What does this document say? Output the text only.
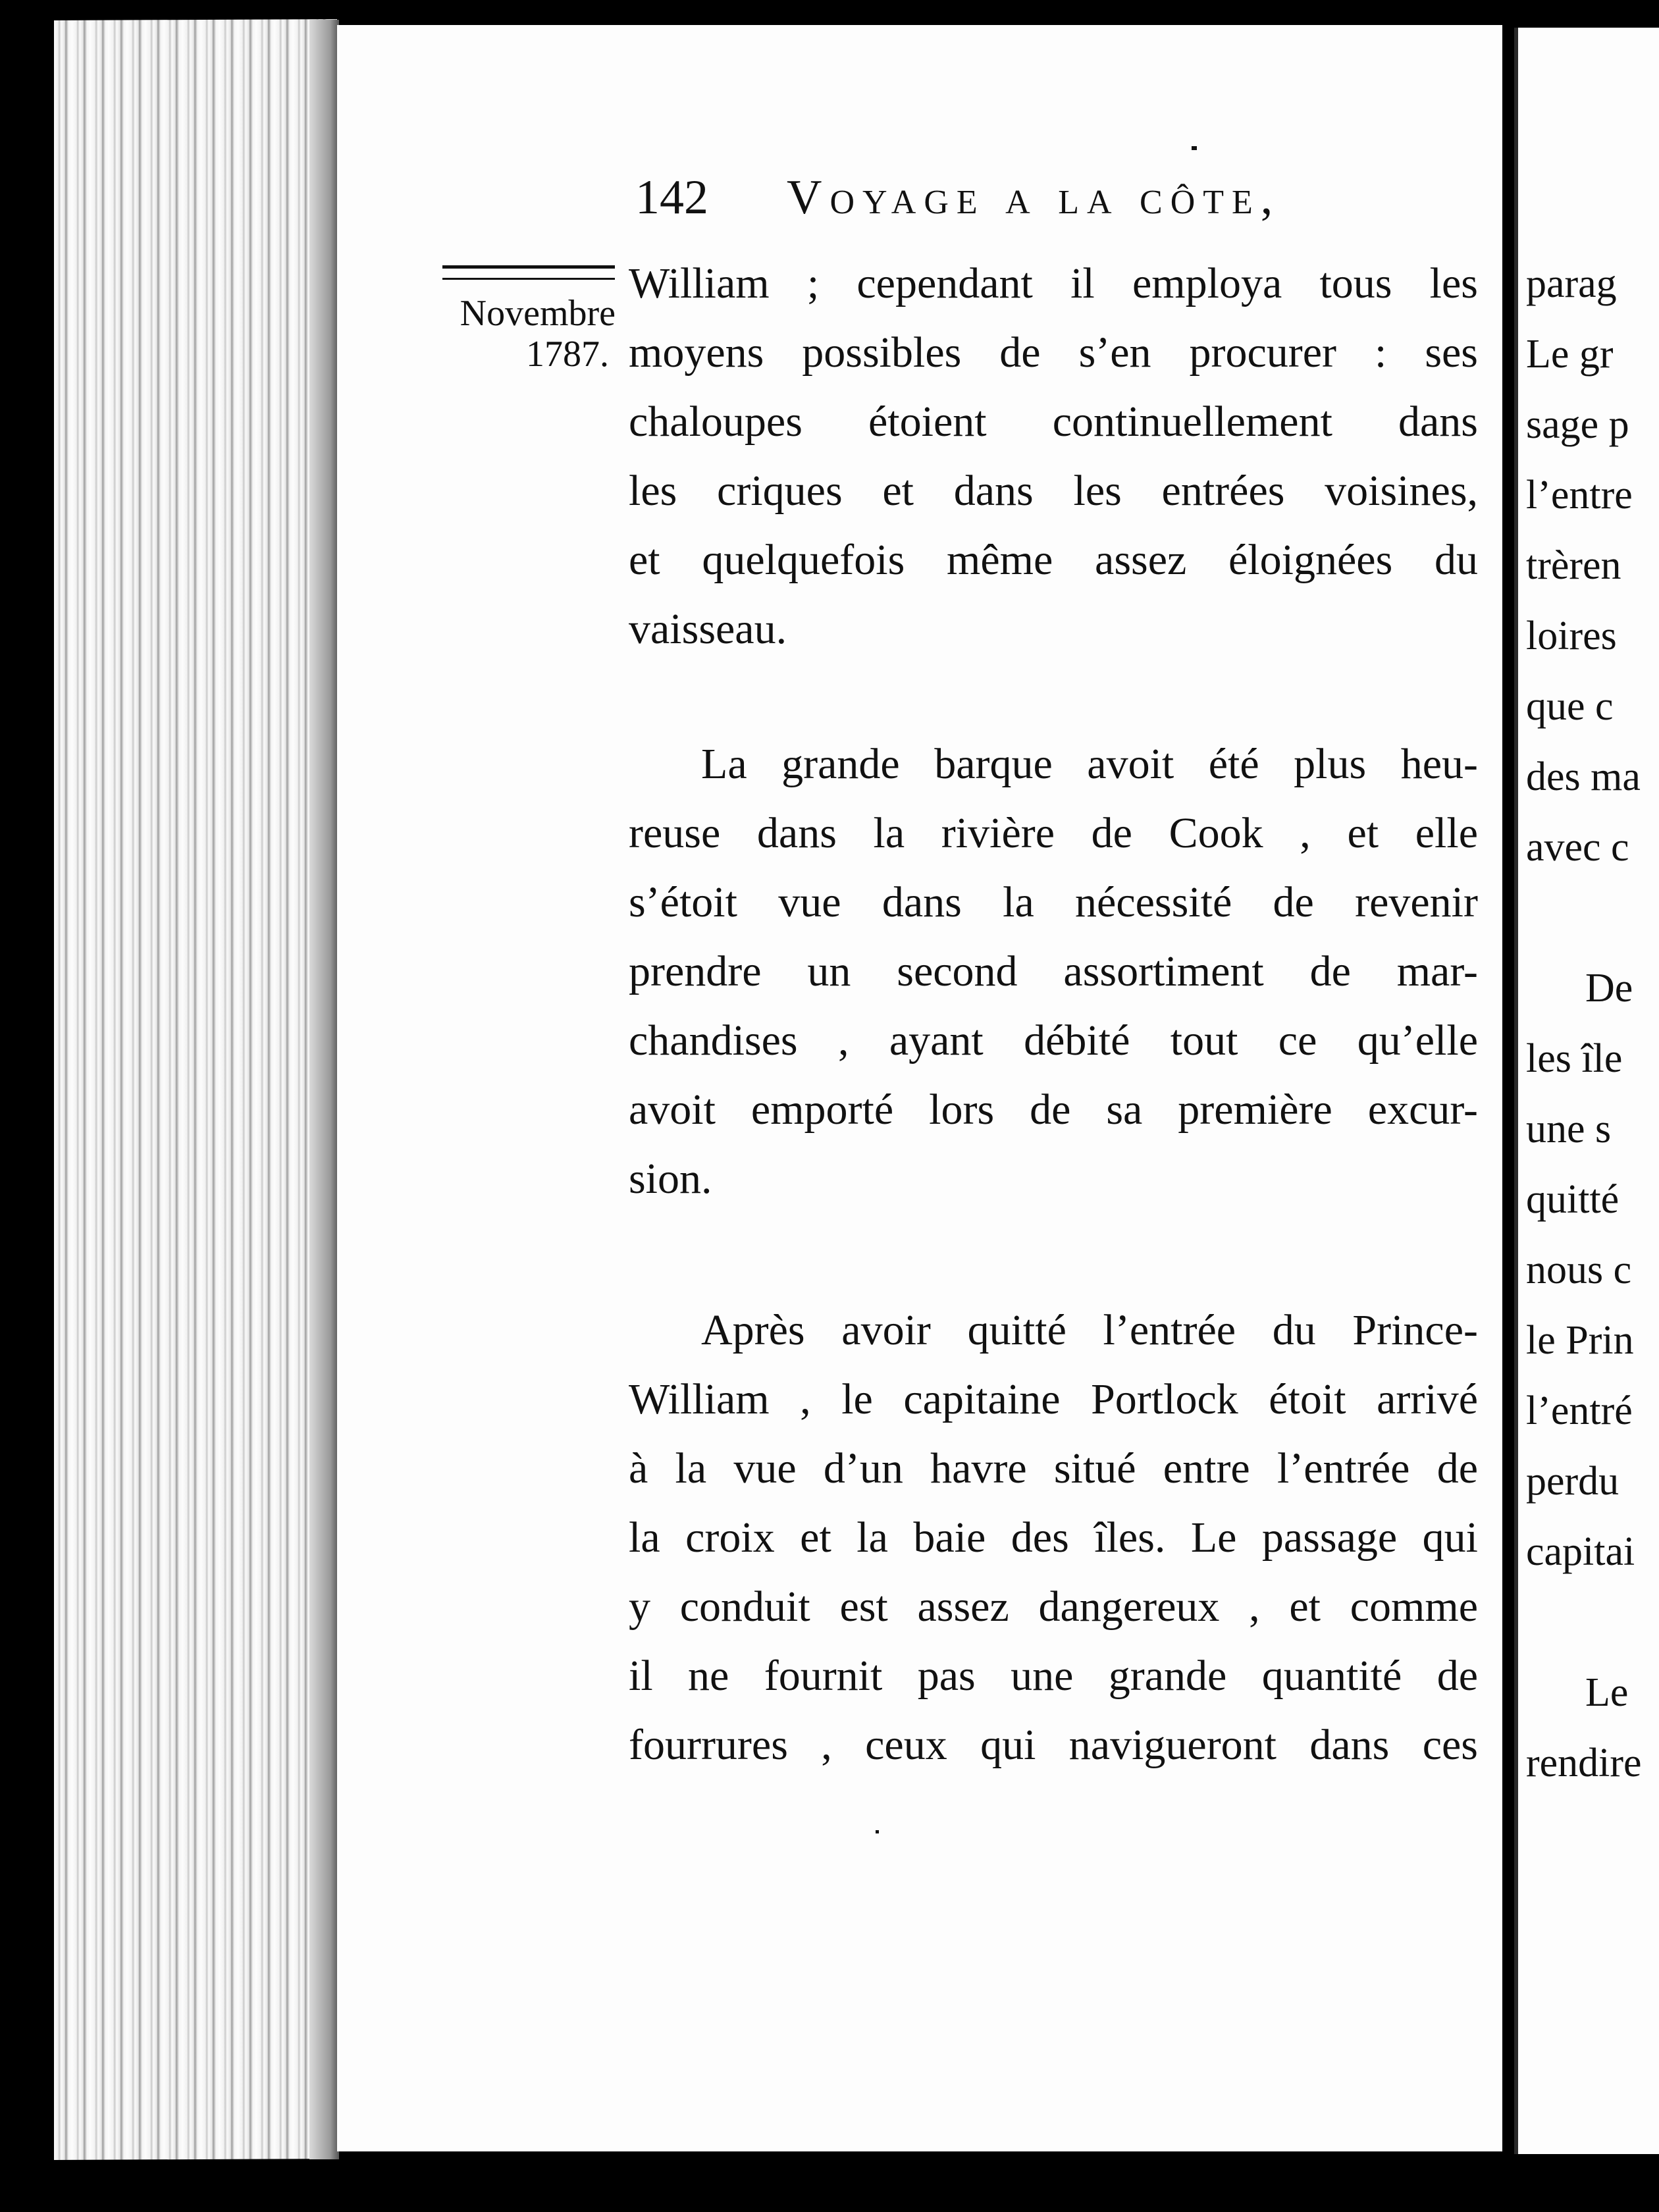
142 Voyage a la côte,
Novembre
1787.
William ; cependant il employa tous les
moyens possibles de s’en procurer : ses
chaloupes étoient continuellement dans
les criques et dans les entrées voisines,
et quelquefois même assez éloignées du
vaisseau.
La grande barque avoit été plus heu-
reuse dans la rivière de Cook , et elle
s’étoit vue dans la nécessité de revenir
prendre un second assortiment de mar-
chandises , ayant débité tout ce qu’elle
avoit emporté lors de sa première excur-
sion.
Après avoir quitté l’entrée du Prince-
William , le capitaine Portlock étoit arrivé
à la vue d’un havre situé entre l’entrée de
la croix et la baie des îles. Le passage qui
y conduit est assez dangereux , et comme
il ne fournit pas une grande quantité de
fourrures , ceux qui navigueront dans ces
parag
Le gr
sage p
l’entre
trèren
loires
que c
des ma
avec c
De
les île
une s
quitté
nous c
le Prin
l’entré
perdu
capitai
Le
rendire
